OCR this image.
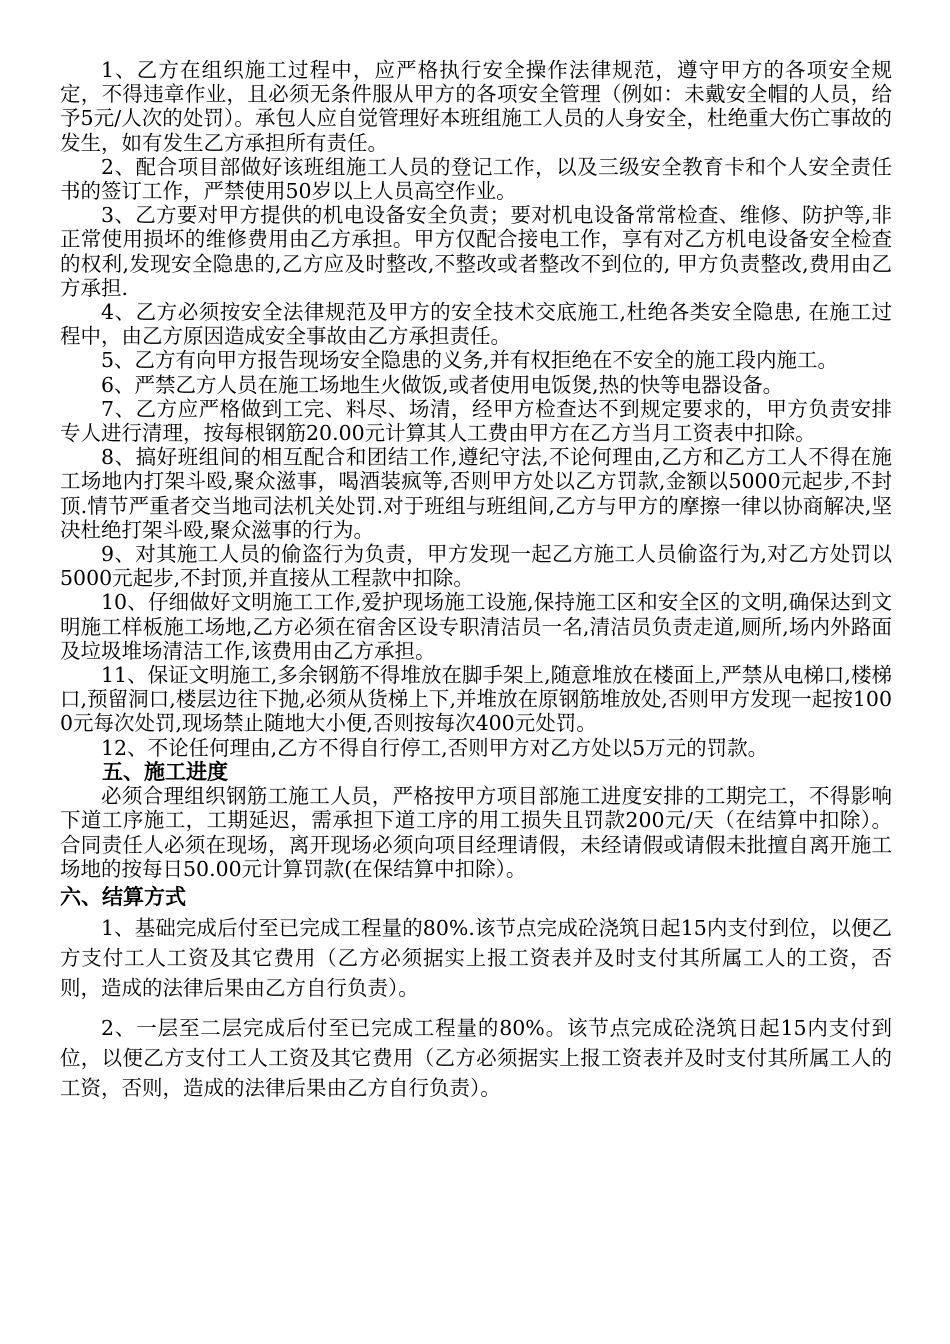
1、乙方在组织施工过程中，应严格执行安全操作法律规范，遵守甲方的各项安全规定，不得违章作业，且必须无条件服从甲方的各项安全管理（例如：未戴安全帽的人员，给予5元/人次的处罚）。承包人应自觉管理好本班组施工人员的人身安全，杜绝重大伤亡事故的发生，如有发生乙方承担所有责任。

2、配合项目部做好该班组施工人员的登记工作，以及三级安全教育卡和个人安全责任书的签订工作，严禁使用50岁以上人员高空作业。

3、乙方要对甲方提供的机电设备安全负责；要对机电设备常常检查、维修、防护等,非正常使用损坏的维修费用由乙方承担。甲方仅配合接电工作，享有对乙方机电设备安全检查的权利,发现安全隐患的,乙方应及时整改,不整改或者整改不到位的, 甲方负责整改,费用由乙方承担.

4、乙方必须按安全法律规范及甲方的安全技术交底施工,杜绝各类安全隐患, 在施工过程中，由乙方原因造成安全事故由乙方承担责任。

5、乙方有向甲方报告现场安全隐患的义务,并有权拒绝在不安全的施工段内施工。

6、严禁乙方人员在施工场地生火做饭,或者使用电饭煲,热的快等电器设备。

7、乙方应严格做到工完、料尽、场清，经甲方检查达不到规定要求的，甲方负责安排专人进行清理，按每根钢筋20.00元计算其人工费由甲方在乙方当月工资表中扣除。

8、搞好班组间的相互配合和团结工作,遵纪守法,不论何理由,乙方和乙方工人不得在施工场地内打架斗殴,聚众滋事，喝酒装疯等,否则甲方处以乙方罚款,金额以5000元起步,不封顶.情节严重者交当地司法机关处罚.对于班组与班组间,乙方与甲方的摩擦一律以协商解决,坚决杜绝打架斗殴,聚众滋事的行为。

9、对其施工人员的偷盗行为负责，甲方发现一起乙方施工人员偷盗行为,对乙方处罚以5000元起步,不封顶,并直接从工程款中扣除。

10、仔细做好文明施工工作,爱护现场施工设施,保持施工区和安全区的文明,确保达到文明施工样板施工场地,乙方必须在宿舍区设专职清洁员一名,清洁员负责走道,厕所,场内外路面及垃圾堆场清洁工作,该费用由乙方承担。

11、保证文明施工,多余钢筋不得堆放在脚手架上,随意堆放在楼面上,严禁从电梯口,楼梯口,预留洞口,楼层边往下抛,必须从货梯上下,并堆放在原钢筋堆放处,否则甲方发现一起按1000元每次处罚,现场禁止随地大小便,否则按每次400元处罚。

12、不论任何理由,乙方不得自行停工,否则甲方对乙方处以5万元的罚款。

五、施工进度

必须合理组织钢筋工施工人员，严格按甲方项目部施工进度安排的工期完工，不得影响下道工序施工，工期延迟，需承担下道工序的用工损失且罚款200元/天（在结算中扣除）。合同责任人必须在现场，离开现场必须向项目经理请假，未经请假或请假未批擅自离开施工场地的按每日50.00元计算罚款(在保结算中扣除）。

六、结算方式

1、基础完成后付至已完成工程量的80%.该节点完成砼浇筑日起15内支付到位，以便乙方支付工人工资及其它费用（乙方必须据实上报工资表并及时支付其所属工人的工资，否则，造成的法律后果由乙方自行负责）。

2、一层至二层完成后付至已完成工程量的80%。该节点完成砼浇筑日起15内支付到位，以便乙方支付工人工资及其它费用（乙方必须据实上报工资表并及时支付其所属工人的工资，否则，造成的法律后果由乙方自行负责）。
